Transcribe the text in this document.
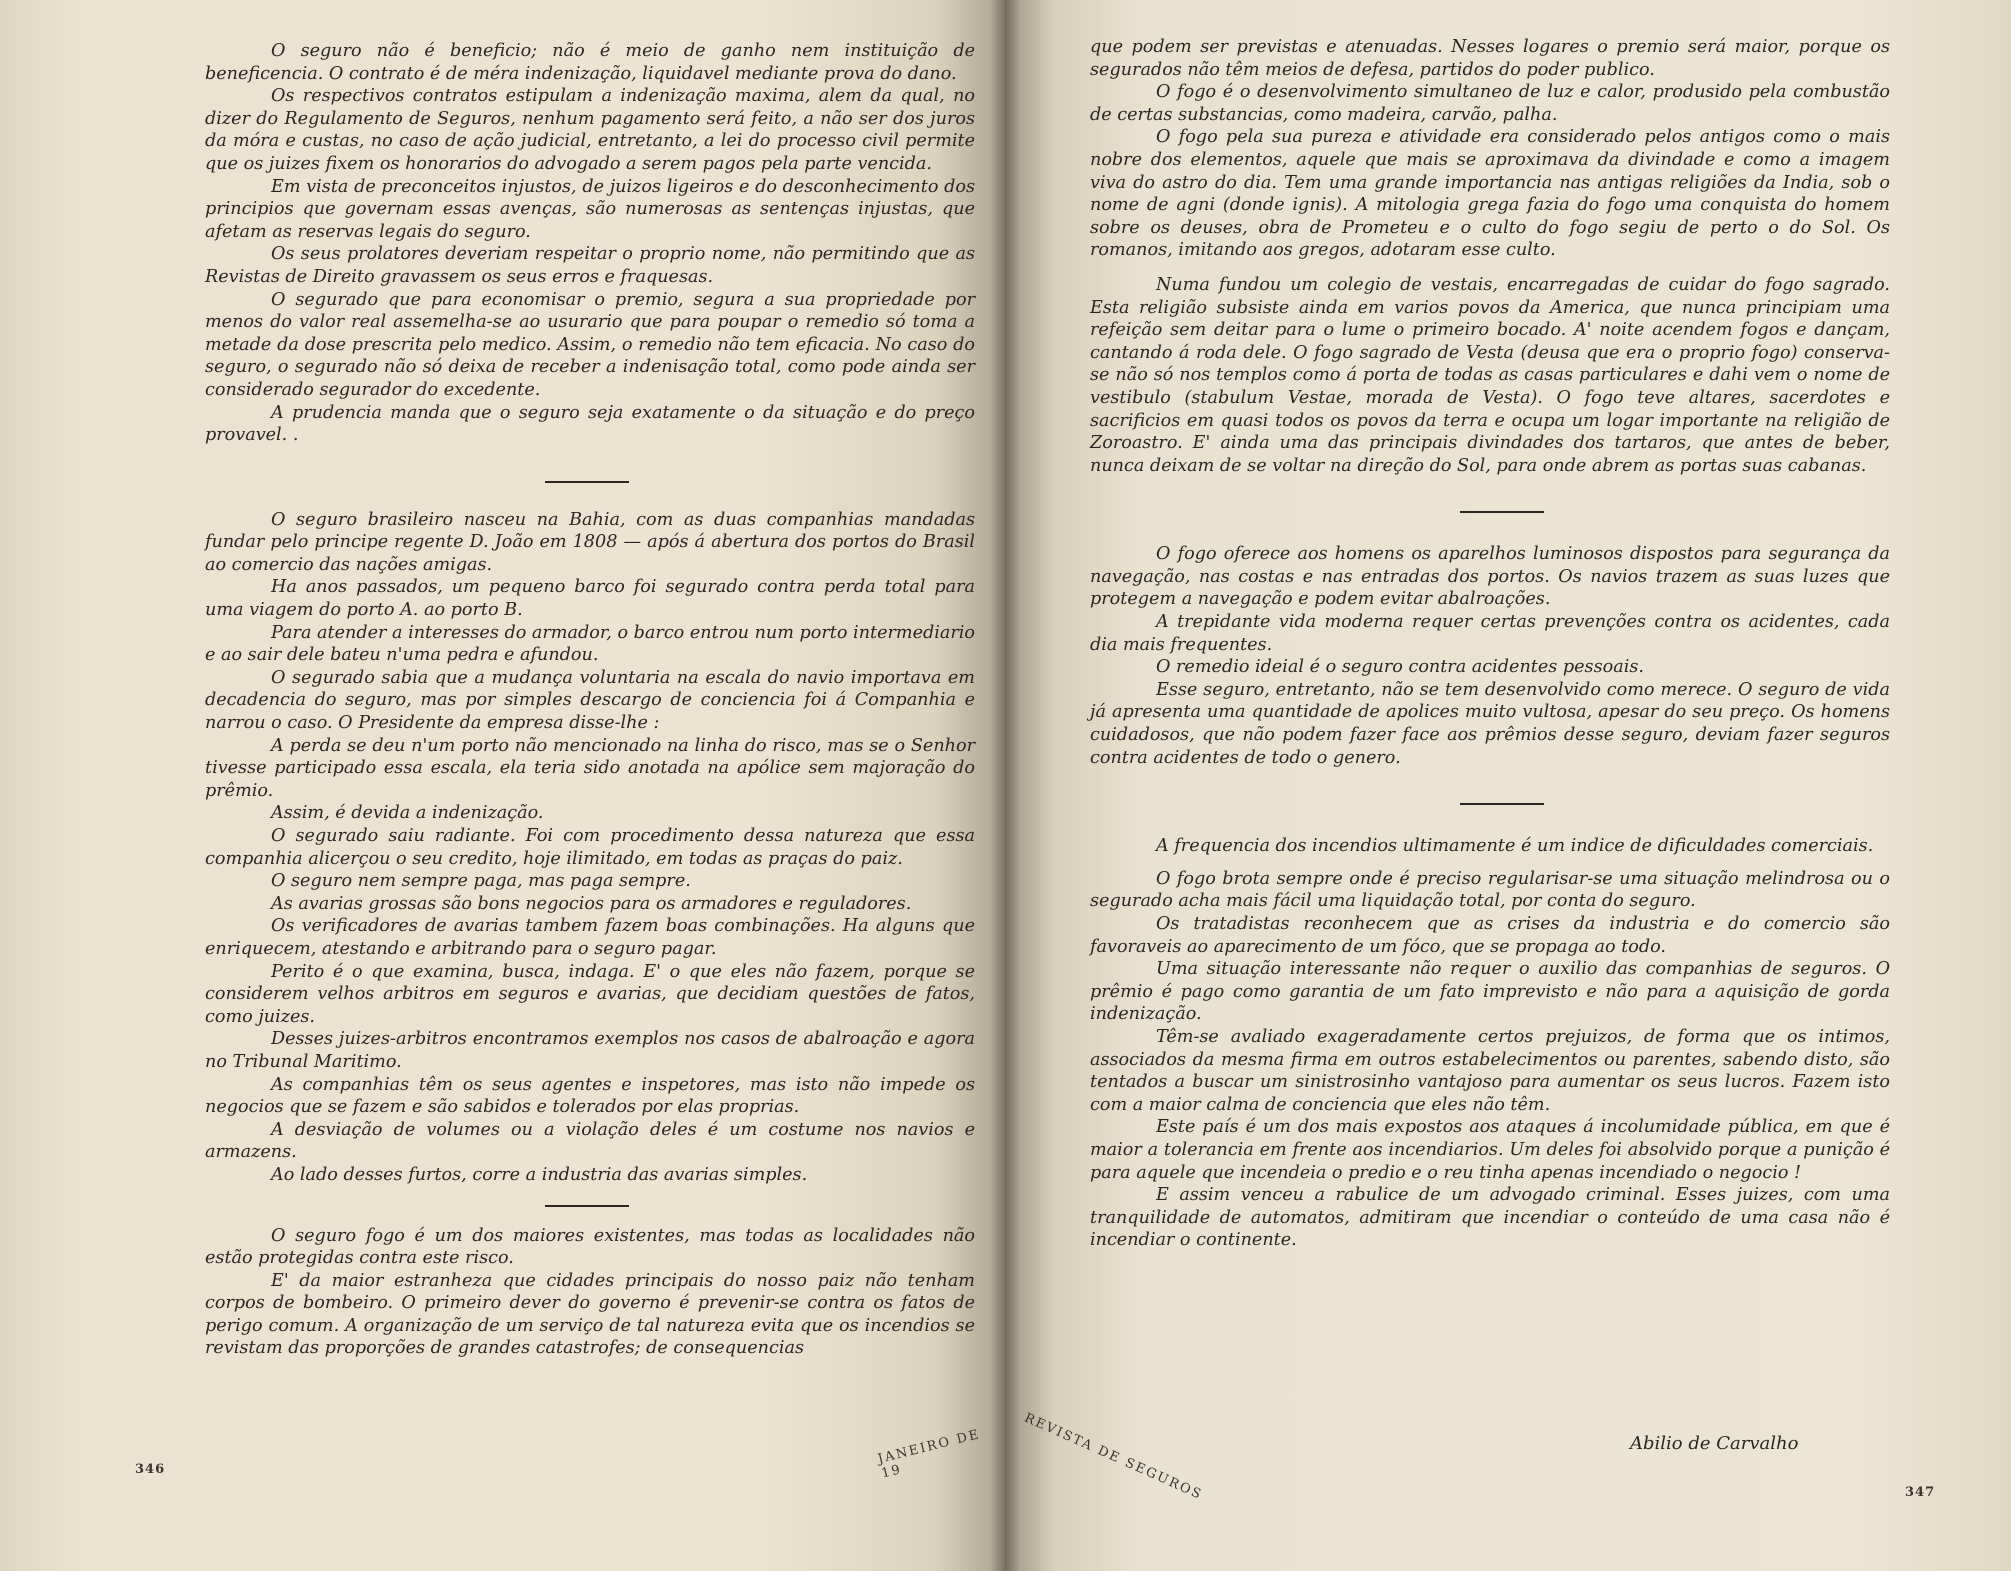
O seguro não é beneficio; não é meio de ganho nem instituição de beneficencia. O contrato é de méra indenização, liquidavel mediante prova do dano.

Os respectivos contratos estipulam a indenização maxima, alem da qual, no dizer do Regulamento de Seguros, nenhum pagamento será feito, a não ser dos juros da móra e custas, no caso de ação judicial, entretanto, a lei do processo civil permite que os juizes fixem os honorarios do advogado a serem pagos pela parte vencida.

Em vista de preconceitos injustos, de juizos ligeiros e do desconhecimento dos principios que governam essas avenças, são numerosas as sentenças injustas, que afetam as reservas legais do seguro.

Os seus prolatores deveriam respeitar o proprio nome, não permitindo que as Revistas de Direito gravassem os seus erros e fraquesas.

O segurado que para economisar o premio, segura a sua propriedade por menos do valor real assemelha-se ao usurario que para poupar o remedio só toma a metade da dose prescrita pelo medico. Assim, o remedio não tem eficacia. No caso do seguro, o segurado não só deixa de receber a indenisação total, como pode ainda ser considerado segurador do excedente.

A prudencia manda que o seguro seja exatamente o da situação e do preço provavel. .

O seguro brasileiro nasceu na Bahia, com as duas companhias mandadas fundar pelo principe regente D. João em 1808 — após á abertura dos portos do Brasil ao comercio das nações amigas.

Ha anos passados, um pequeno barco foi segurado contra perda total para uma viagem do porto A. ao porto B.

Para atender a interesses do armador, o barco entrou num porto intermediario e ao sair dele bateu n'uma pedra e afundou.

O segurado sabia que a mudança voluntaria na escala do navio importava em decadencia do seguro, mas por simples descargo de conciencia foi á Companhia e narrou o caso. O Presidente da empresa disse-lhe :

A perda se deu n'um porto não mencionado na linha do risco, mas se o Senhor tivesse participado essa escala, ela teria sido anotada na apólice sem majoração do prêmio.

Assim, é devida a indenização.

O segurado saiu radiante. Foi com procedimento dessa natureza que essa companhia alicerçou o seu credito, hoje ilimitado, em todas as praças do paiz.

O seguro nem sempre paga, mas paga sempre.

As avarias grossas são bons negocios para os armadores e reguladores.

Os verificadores de avarias tambem fazem boas combinações. Ha alguns que enriquecem, atestando e arbitrando para o seguro pagar.

Perito é o que examina, busca, indaga. E' o que eles não fazem, porque se considerem velhos arbitros em seguros e avarias, que decidiam questões de fatos, como juizes.

Desses juizes-arbitros encontramos exemplos nos casos de abalroação e agora no Tribunal Maritimo.

As companhias têm os seus agentes e inspetores, mas isto não impede os negocios que se fazem e são sabidos e tolerados por elas proprias.

A desviação de volumes ou a violação deles é um costume nos navios e armazens.

Ao lado desses furtos, corre a industria das avarias simples.

O seguro fogo é um dos maiores existentes, mas todas as localidades não estão protegidas contra este risco.

E' da maior estranheza que cidades principais do nosso paiz não tenham corpos de bombeiro. O primeiro dever do governo é prevenir-se contra os fatos de perigo comum. A organização de um serviço de tal natureza evita que os incendios se revistam das proporções de grandes catastrofes; de consequencias

346
JANEIRO DE 19

que podem ser previstas e atenuadas. Nesses logares o premio será maior, porque os segurados não têm meios de defesa, partidos do poder publico.

O fogo é o desenvolvimento simultaneo de luz e calor, produsido pela combustão de certas substancias, como madeira, carvão, palha.

O fogo pela sua pureza e atividade era considerado pelos antigos como o mais nobre dos elementos, aquele que mais se aproximava da divindade e como a imagem viva do astro do dia. Tem uma grande importancia nas antigas religiões da India, sob o nome de agni (donde ignis). A mitologia grega fazia do fogo uma conquista do homem sobre os deuses, obra de Prometeu e o culto do fogo segiu de perto o do Sol. Os romanos, imitando aos gregos, adotaram esse culto.

Numa fundou um colegio de vestais, encarregadas de cuidar do fogo sagrado. Esta religião subsiste ainda em varios povos da America, que nunca principiam uma refeição sem deitar para o lume o primeiro bocado. A' noite acendem fogos e dançam, cantando á roda dele. O fogo sagrado de Vesta (deusa que era o proprio fogo) conserva-se não só nos templos como á porta de todas as casas particulares e dahi vem o nome de vestibulo (stabulum Vestae, morada de Vesta). O fogo teve altares, sacerdotes e sacrificios em quasi todos os povos da terra e ocupa um logar importante na religião de Zoroastro. E' ainda uma das principais divindades dos tartaros, que antes de beber, nunca deixam de se voltar na direção do Sol, para onde abrem as portas suas cabanas.

O fogo oferece aos homens os aparelhos luminosos dispostos para segurança da navegação, nas costas e nas entradas dos portos. Os navios trazem as suas luzes que protegem a navegação e podem evitar abalroações.

A trepidante vida moderna requer certas prevenções contra os acidentes, cada dia mais frequentes.

O remedio ideial é o seguro contra acidentes pessoais.

Esse seguro, entretanto, não se tem desenvolvido como merece. O seguro de vida já apresenta uma quantidade de apolices muito vultosa, apesar do seu preço. Os homens cuidadosos, que não podem fazer face aos prêmios desse seguro, deviam fazer seguros contra acidentes de todo o genero.

A frequencia dos incendios ultimamente é um indice de dificuldades comerciais.

O fogo brota sempre onde é preciso regularisar-se uma situação melindrosa ou o segurado acha mais fácil uma liquidação total, por conta do seguro.

Os tratadistas reconhecem que as crises da industria e do comercio são favoraveis ao aparecimento de um fóco, que se propaga ao todo.

Uma situação interessante não requer o auxilio das companhias de seguros. O prêmio é pago como garantia de um fato imprevisto e não para a aquisição de gorda indenização.

Têm-se avaliado exageradamente certos prejuizos, de forma que os intimos, associados da mesma firma em outros estabelecimentos ou parentes, sabendo disto, são tentados a buscar um sinistrosinho vantajoso para aumentar os seus lucros. Fazem isto com a maior calma de conciencia que eles não têm.

Este país é um dos mais expostos aos ataques á incolumidade pública, em que é maior a tolerancia em frente aos incendiarios. Um deles foi absolvido porque a punição é para aquele que incendeia o predio e o reu tinha apenas incendiado o negocio !

E assim venceu a rabulice de um advogado criminal. Esses juizes, com uma tranquilidade de automatos, admitiram que incendiar o conteúdo de uma casa não é incendiar o continente.

Abilio de Carvalho
REVISTA DE SEGUROS	347
